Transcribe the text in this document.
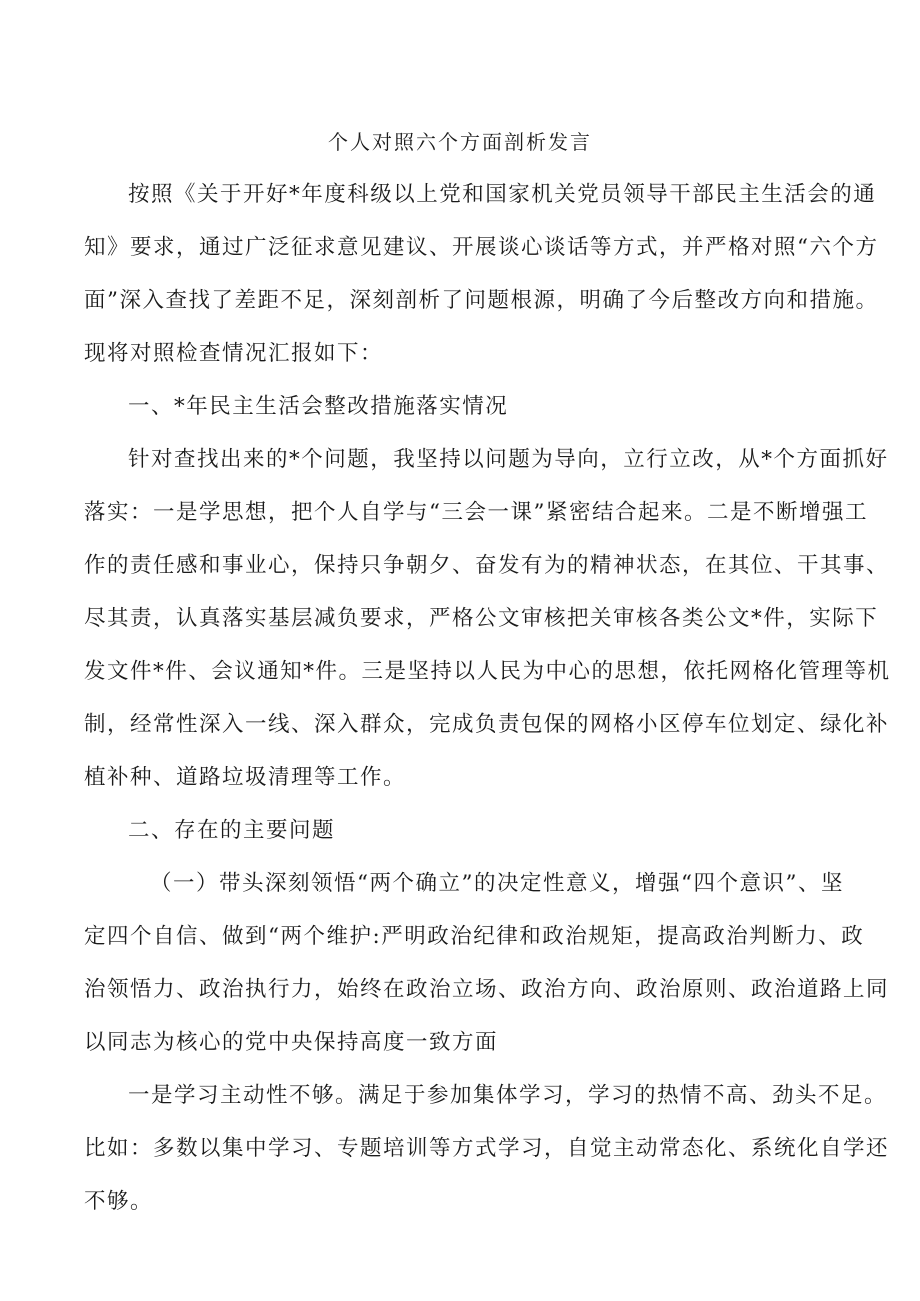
个人对照六个方面剖析发言
按照《关于开好*年度科级以上党和国家机关党员领导干部民主生活会的通
知》要求，通过广泛征求意见建议、开展谈心谈话等方式，并严格对照“六个方
面”深入查找了差距不足，深刻剖析了问题根源，明确了今后整改方向和措施。
现将对照检查情况汇报如下：
一、*年民主生活会整改措施落实情况
针对查找出来的*个问题，我坚持以问题为导向，立行立改，从*个方面抓好
落实：一是学思想，把个人自学与“三会一课”紧密结合起来。二是不断增强工
作的责任感和事业心，保持只争朝夕、奋发有为的精神状态，在其位、干其事、
尽其责，认真落实基层减负要求，严格公文审核把关审核各类公文*件，实际下
发文件*件、会议通知*件。三是坚持以人民为中心的思想，依托网格化管理等机
制，经常性深入一线、深入群众，完成负责包保的网格小区停车位划定、绿化补
植补种、道路垃圾清理等工作。
二、存在的主要问题
（一）带头深刻领悟“两个确立”的决定性意义，增强“四个意识”、坚
定四个自信、做到“两个维护:严明政治纪律和政治规矩，提高政治判断力、政
治领悟力、政治执行力，始终在政治立场、政治方向、政治原则、政治道路上同
以同志为核心的党中央保持高度一致方面
一是学习主动性不够。满足于参加集体学习，学习的热情不高、劲头不足。
比如：多数以集中学习、专题培训等方式学习，自觉主动常态化、系统化自学还
不够。
